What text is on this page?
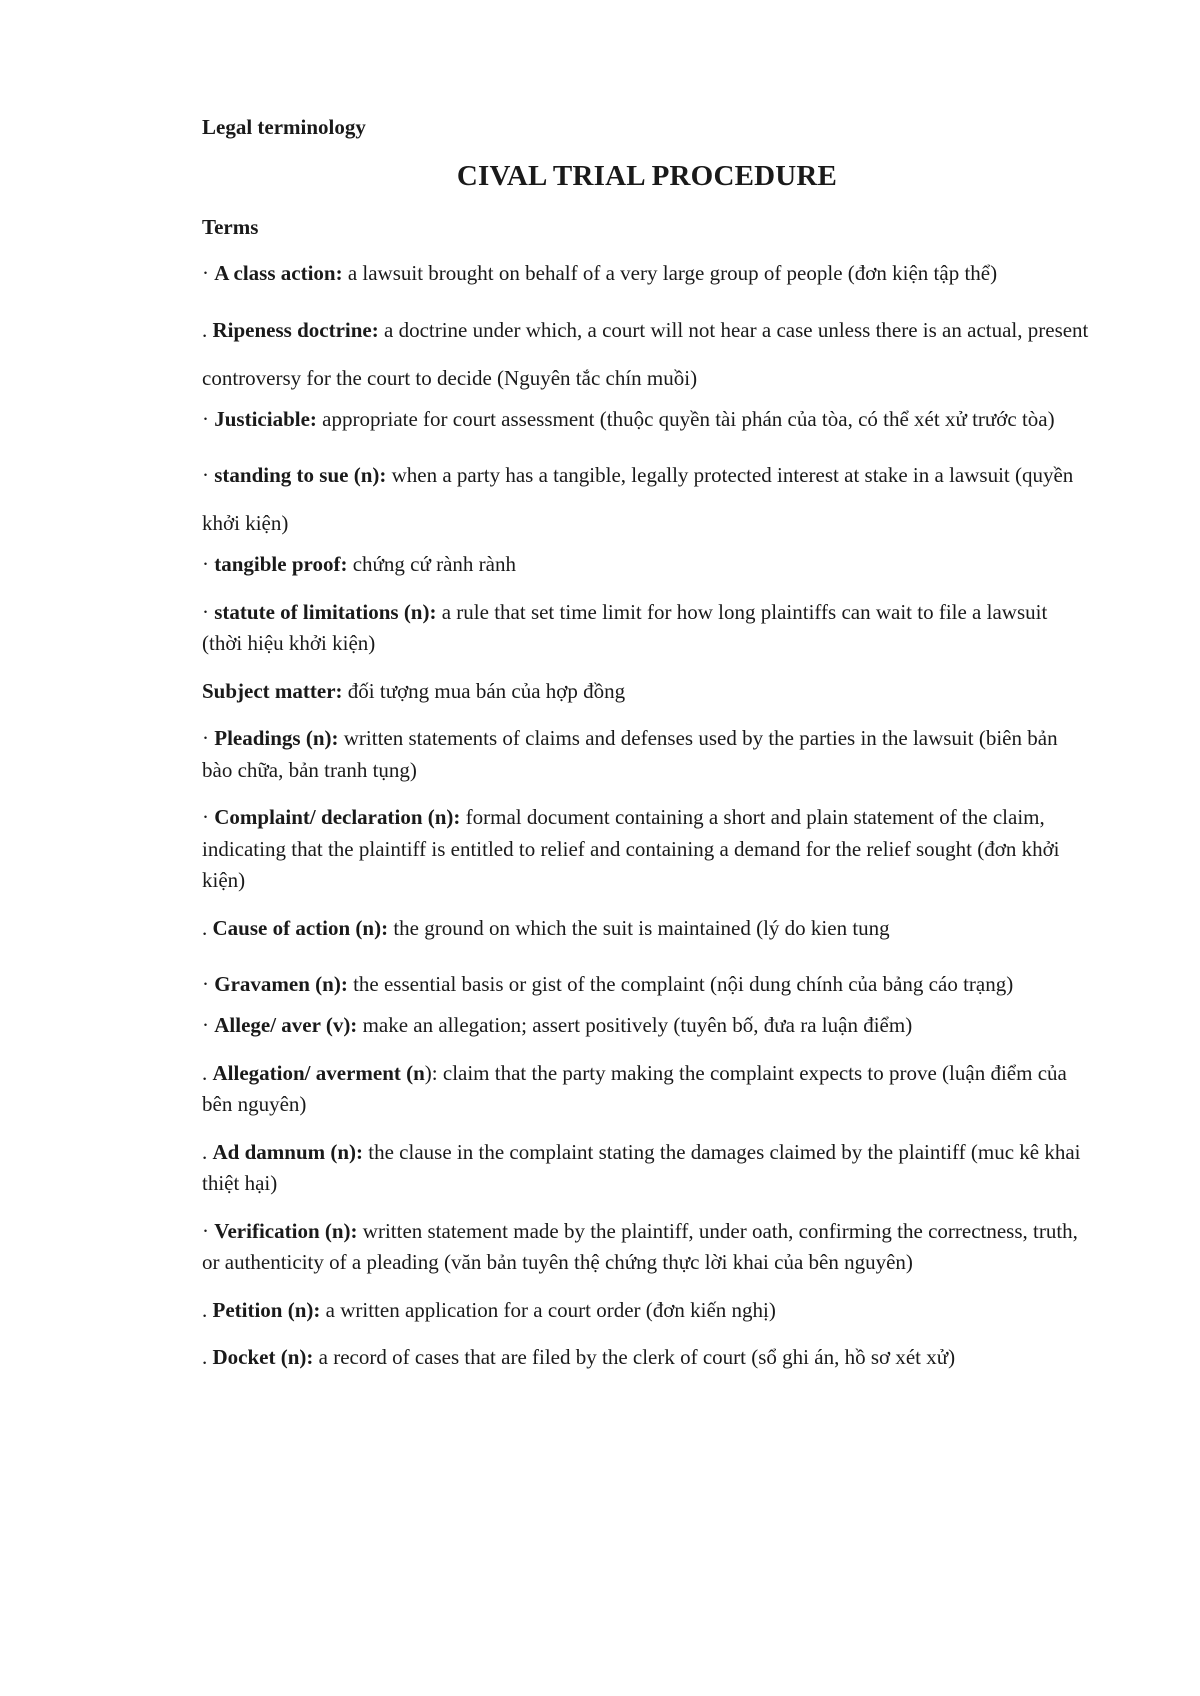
Legal terminology
CIVAL TRIAL PROCEDURE
Terms

· A class action: a lawsuit brought on behalf of a very large group of people (đơn kiện tập thể)

. Ripeness doctrine: a doctrine under which, a court will not hear a case unless there is an actual, present controversy for the court to decide (Nguyên tắc chín muồi)

· Justiciable: appropriate for court assessment (thuộc quyền tài phán của tòa, có thể xét xử trước tòa)

· standing to sue (n): when a party has a tangible, legally protected interest at stake in a lawsuit (quyền khởi kiện)

· tangible proof: chứng cứ rành rành

· statute of limitations (n): a rule that set time limit for how long plaintiffs can wait to file a lawsuit (thời hiệu khởi kiện)

Subject matter: đối tượng mua bán của hợp đồng

· Pleadings (n): written statements of claims and defenses used by the parties in the lawsuit (biên bản bào chữa, bản tranh tụng)

· Complaint/ declaration (n): formal document containing a short and plain statement of the claim, indicating that the plaintiff is entitled to relief and containing a demand for the relief sought (đơn khởi kiện)

. Cause of action (n): the ground on which the suit is maintained (lý do kien tung

· Gravamen (n): the essential basis or gist of the complaint (nội dung chính của bảng cáo trạng)

· Allege/ aver (v): make an allegation; assert positively (tuyên bố, đưa ra luận điểm)

. Allegation/ averment (n): claim that the party making the complaint expects to prove (luận điểm của bên nguyên)

. Ad damnum (n): the clause in the complaint stating the damages claimed by the plaintiff (muc kê khai thiệt hại)

· Verification (n): written statement made by the plaintiff, under oath, confirming the correctness, truth, or authenticity of a pleading (văn bản tuyên thệ chứng thực lời khai của bên nguyên)

. Petition (n): a written application for a court order (đơn kiến nghị)

. Docket (n): a record of cases that are filed by the clerk of court (sổ ghi án, hồ sơ xét xử)
